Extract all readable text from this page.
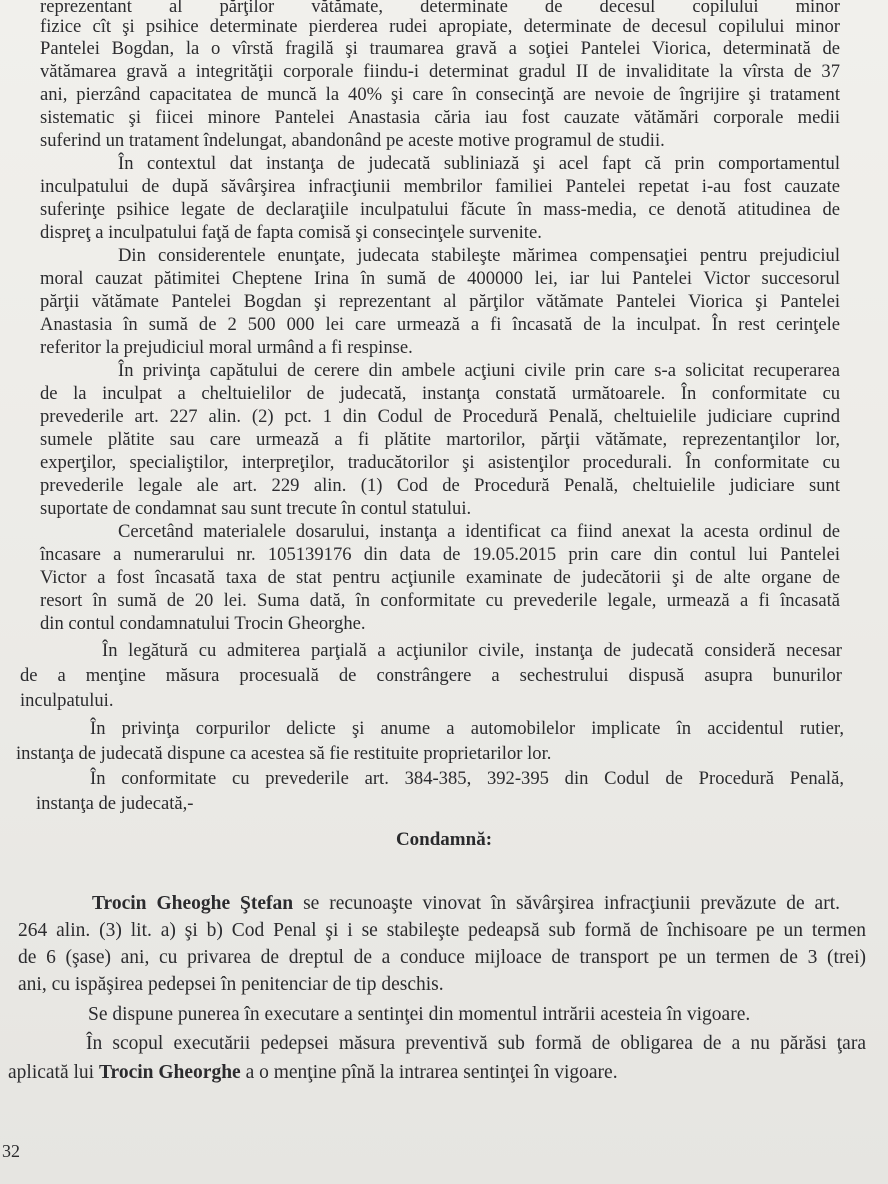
reprezentant al părţilor vătămate, determinate de decesul copilului minor
fizice cît şi psihice determinate pierderea rudei apropiate, determinate de decesul copilului minor
Pantelei Bogdan, la o vîrstă fragilă şi traumarea gravă a soţiei Pantelei Viorica, determinată de
vătămarea gravă a integrităţii corporale fiindu-i determinat gradul II de invaliditate la vîrsta de 37
ani, pierzând capacitatea de muncă la 40% şi care în consecinţă are nevoie de îngrijire şi tratament
sistematic şi fiicei minore Pantelei Anastasia căria iau fost cauzate vătămări corporale medii
suferind un tratament îndelungat, abandonând pe aceste motive programul de studii.
În contextul dat instanţa de judecată subliniază şi acel fapt că prin comportamentul
inculpatului de după săvârşirea infracţiunii membrilor familiei Pantelei repetat i-au fost cauzate
suferinţe psihice legate de declaraţiile inculpatului făcute în mass-media, ce denotă atitudinea de
dispreţ a inculpatului faţă de fapta comisă şi consecinţele survenite.
Din considerentele enunţate, judecata stabileşte mărimea compensaţiei pentru prejudiciul
moral cauzat pătimitei Cheptene Irina în sumă de 400000 lei, iar lui Pantelei Victor succesorul
părţii vătămate Pantelei Bogdan şi reprezentant al părţilor vătămate Pantelei Viorica şi Pantelei
Anastasia în sumă de 2 500 000 lei care urmează a fi încasată de la inculpat. În rest cerinţele
referitor la prejudiciul moral urmând a fi respinse.
În privinţa capătului de cerere din ambele acţiuni civile prin care s-a solicitat recuperarea
de la inculpat a cheltuielilor de judecată, instanţa constată următoarele. În conformitate cu
prevederile art. 227 alin. (2) pct. 1 din Codul de Procedură Penală, cheltuielile judiciare cuprind
sumele plătite sau care urmează a fi plătite martorilor, părţii vătămate, reprezentanţilor lor,
experţilor, specialiştilor, interpreţilor, traducătorilor şi asistenţilor procedurali. În conformitate cu
prevederile legale ale art. 229 alin. (1) Cod de Procedură Penală, cheltuielile judiciare sunt
suportate de condamnat sau sunt trecute în contul statului.
Cercetând materialele dosarului, instanţa a identificat ca fiind anexat la acesta ordinul de
încasare a numerarului nr. 105139176 din data de 19.05.2015 prin care din contul lui Pantelei
Victor a fost încasată taxa de stat pentru acţiunile examinate de judecătorii şi de alte organe de
resort în sumă de 20 lei. Suma dată, în conformitate cu prevederile legale, urmează a fi încasată
din contul condamnatului Trocin Gheorghe.
În legătură cu admiterea parţială a acţiunilor civile, instanţa de judecată consideră necesar
de a menţine măsura procesuală de constrângere a sechestrului dispusă asupra bunurilor
inculpatului.
În privinţa corpurilor delicte şi anume a automobilelor implicate în accidentul rutier,
instanţa de judecată dispune ca acestea să fie restituite proprietarilor lor.
În conformitate cu prevederile art. 384-385, 392-395 din Codul de Procedură Penală,
instanţa de judecată,-
Trocin Gheoghe Ştefan se recunoaşte vinovat în săvârşirea infracţiunii prevăzute de art.
264 alin. (3) lit. a) şi b) Cod Penal şi i se stabileşte pedeapsă sub formă de închisoare pe un termen
de 6 (şase) ani, cu privarea de dreptul de a conduce mijloace de transport pe un termen de 3 (trei)
ani, cu ispăşirea pedepsei în penitenciar de tip deschis.
Se dispune punerea în executare a sentinţei din momentul intrării acesteia în vigoare.
În scopul executării pedepsei măsura preventivă sub formă de obligarea de a nu părăsi ţara
Condamnă:
aplicată lui Trocin Gheorghe a o menţine pînă la intrarea sentinţei în vigoare.
32
